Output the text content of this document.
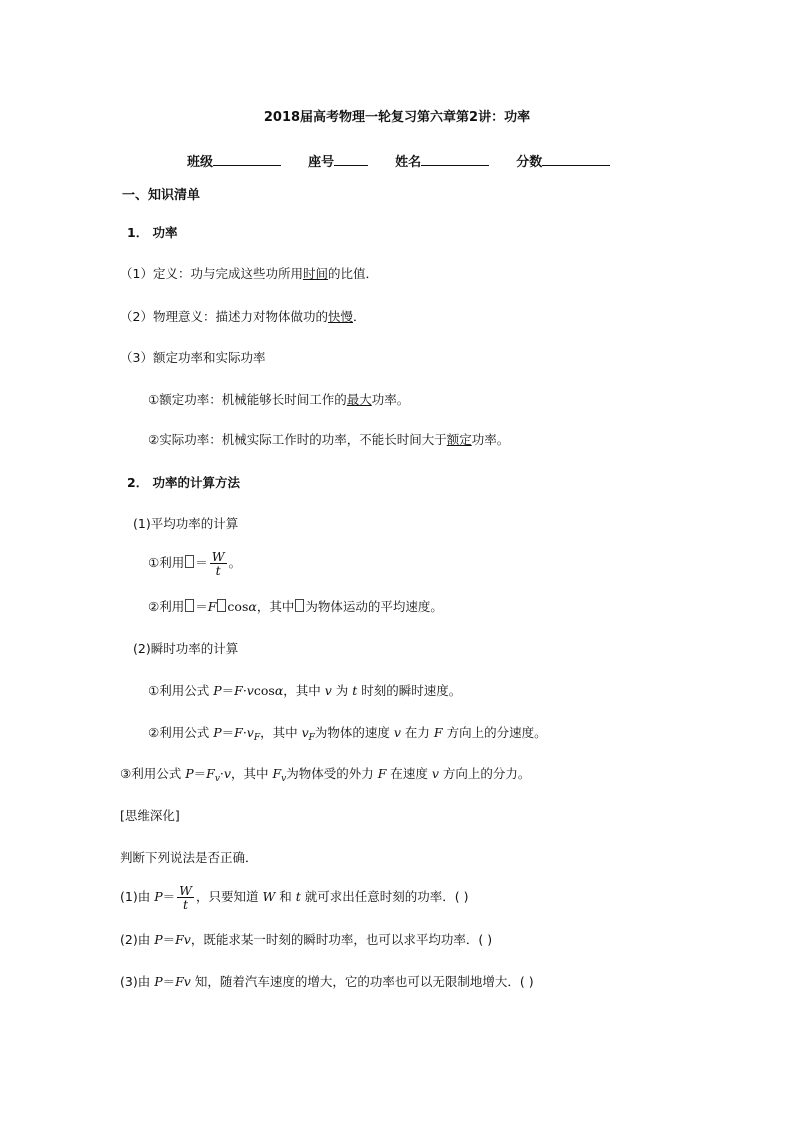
2018届高考物理一轮复习第六章第2讲：功率
班级	座号	姓名	分数
一、知识清单
1． 功率
（1）定义：功与完成这些功所用时间的比值．
（2）物理意义：描述力对物体做功的快慢．
（3）额定功率和实际功率
①额定功率：机械能够长时间工作的最大功率。
②实际功率：机械实际工作时的功率，不能长时间大于额定功率。
2． 功率的计算方法
(1)平均功率的计算
①利用 ＝ $\frac{W}{t}$ 。
②利用 ＝F cosα，其中 为物体运动的平均速度。
(2)瞬时功率的计算
①利用公式 P＝F·vcosα，其中 v 为 t 时刻的瞬时速度。
②利用公式 $P=F\cdot v_F$，其中 $v_F$为物体的速度 v 在力 F 方向上的分速度。
③利用公式 $P=F_v\cdot v$，其中 $F_v$为物体受的外力 F 在速度 v 方向上的分力。
[思维深化]
判断下列说法是否正确．
(1)由 $P= \frac{W}{t}$ ，只要知道 W 和 t 就可求出任意时刻的功率．( )
(2)由 P＝Fv，既能求某一时刻的瞬时功率，也可以求平均功率．( )
(3)由 P＝Fv 知，随着汽车速度的增大，它的功率也可以无限制地增大．( )
